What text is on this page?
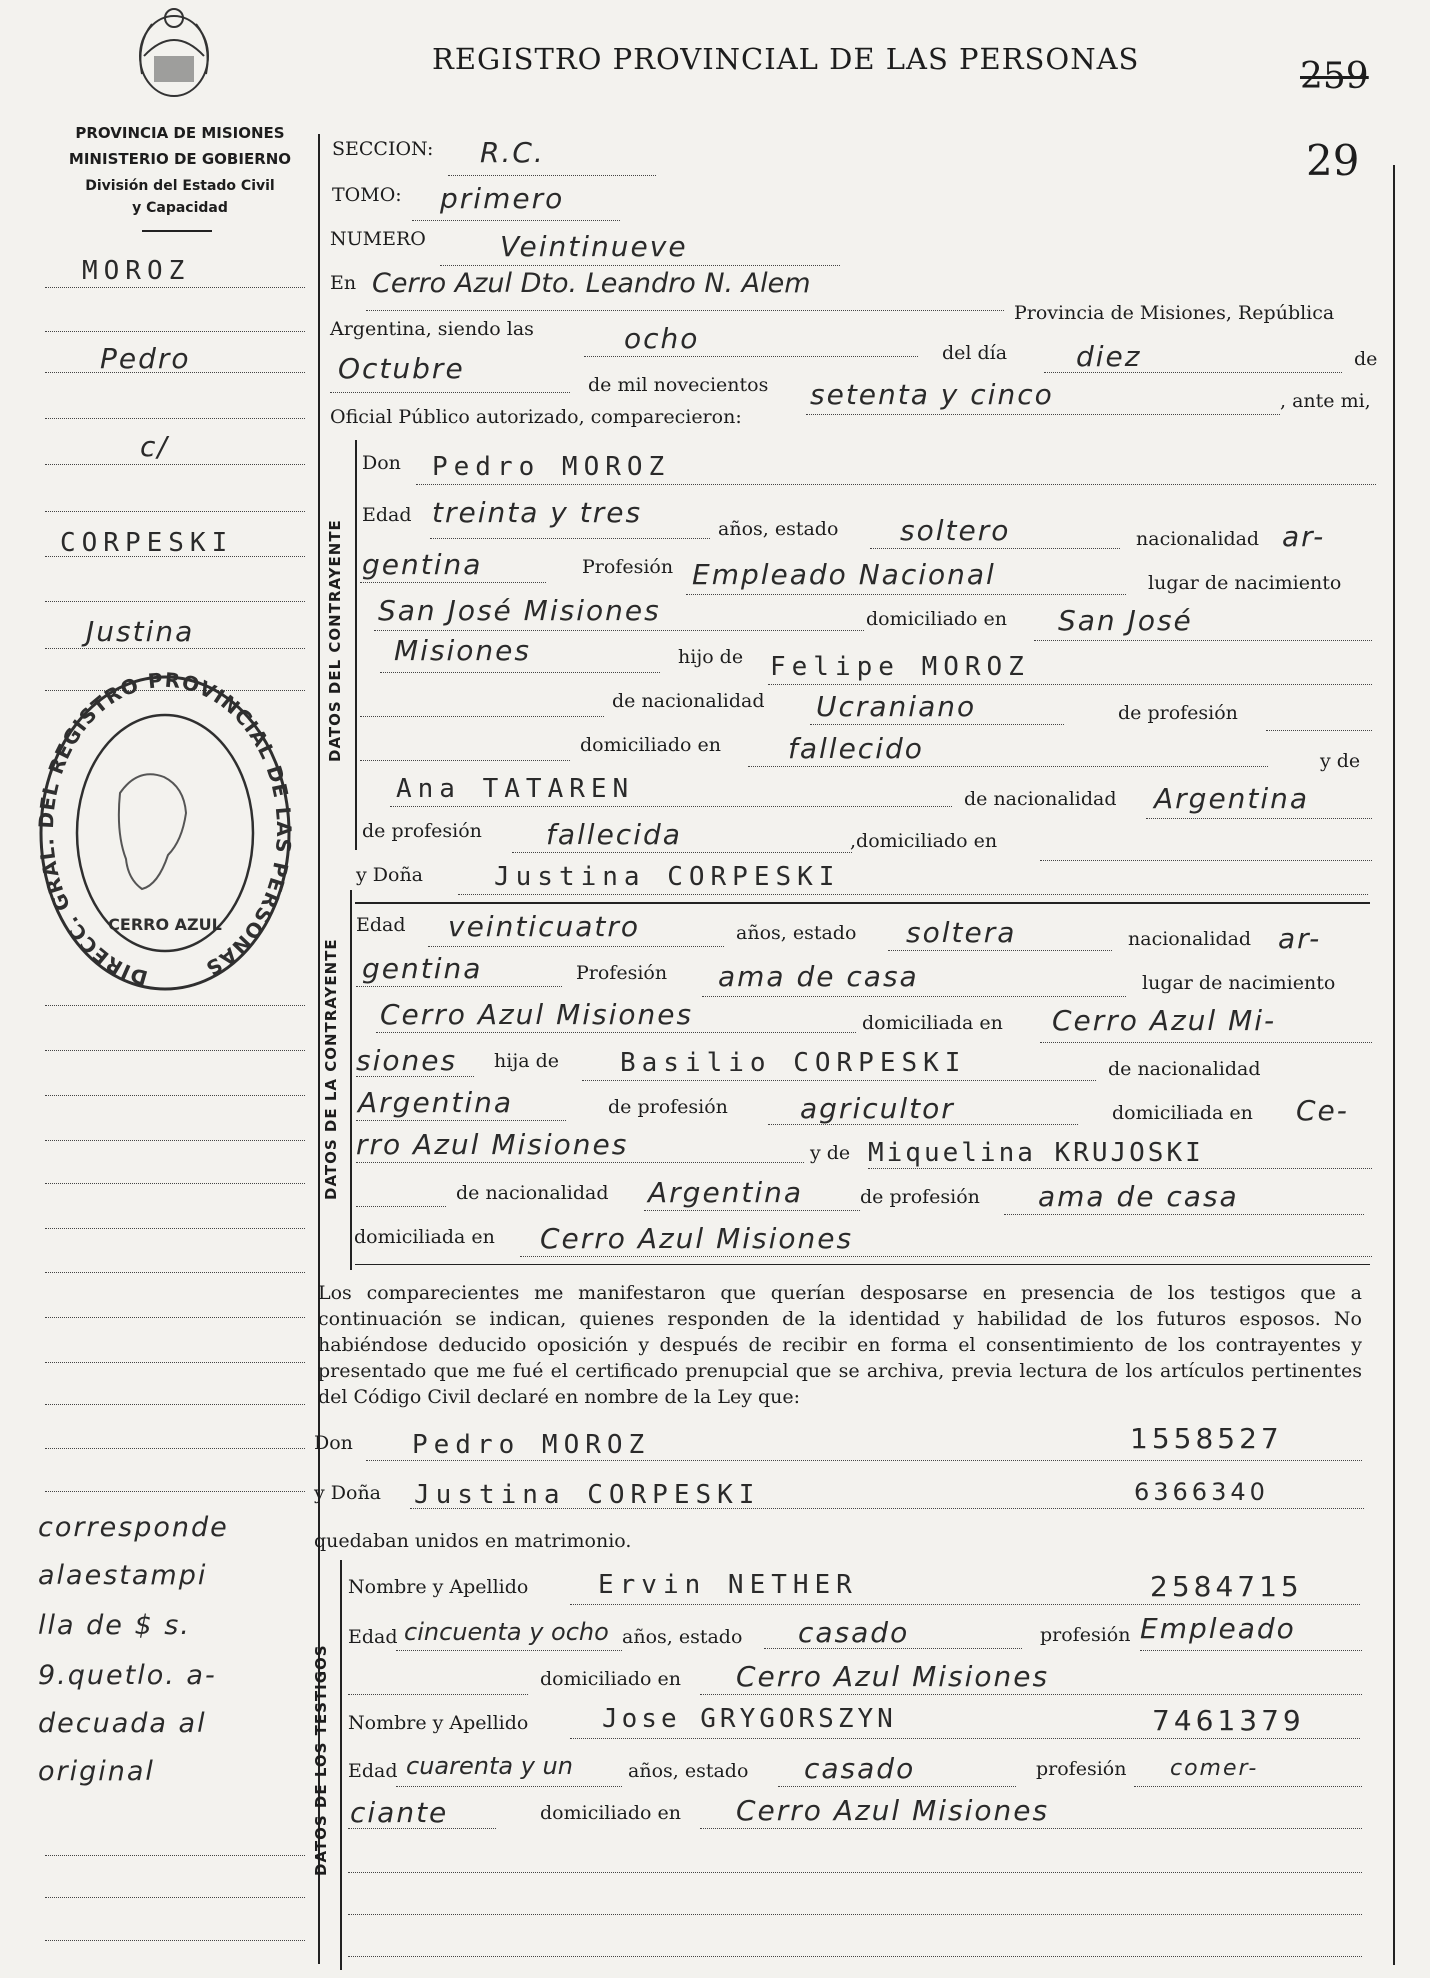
REGISTRO PROVINCIAL DE LAS PERSONAS	259
29
PROVINCIA DE MISIONES
MINISTERIO DE GOBIERNO
División del Estado Civil
y Capacidad
MOROZ
Pedro
c/
CORPESKI
Justina
corresponde
alaestampi
lla de $ s.
9.quetlo. a-
decuada al
original
DIRECC. GRAL. DEL REGISTRO PROVINCIAL DE LAS PERSONAS
CERRO AZUL
SECCION: R.C.
TOMO: primero
NUMERO	Veintinueve
En Cerro Azul Dto. Leandro N. Alem
Provincia de Misiones, República
Argentina, siendo las	ocho	del día diez	de
Octubre	de mil novecientos setenta y cinco	, ante mi,
Oficial Público autorizado, comparecieron:
DATOS DEL CONTRAYENTE
Don Pedro MOROZ
Edad treinta y tres	años, estado soltero	nacionalidad ar-
gentina	Profesión Empleado Nacional	lugar de nacimiento
San José Misiones	domiciliado en San José
Misiones	hijo de Felipe MOROZ
de nacionalidad Ucraniano	de profesión
domiciliado en fallecido	y de
Ana TATAREN	de nacionalidad Argentina
de profesión fallecida	,domiciliado en
DATOS DE LA CONTRAYENTE
y Doña	Justina CORPESKI
Edad veinticuatro	años, estado soltera	nacionalidad ar-
gentina	Profesión ama de casa	lugar de nacimiento
Cerro Azul Misiones	domiciliada en Cerro Azul Mi-
siones hija de Basilio CORPESKI	de nacionalidad
Argentina	de profesión	agricultor	domiciliada en Ce-
rro Azul Misiones	y de Miquelina KRUJOSKI
de nacionalidad Argentina	de profesión ama de casa
domiciliada en Cerro Azul Misiones
Los comparecientes me manifestaron que querían desposarse en presencia de los testigos que a continuación se indican, quienes responden de la identidad y habilidad de los futuros esposos. No habiéndose deducido oposición y después de recibir en forma el consentimiento de los contrayentes y presentado que me fué el certificado prenupcial que se archiva, previa lectura de los artículos pertinentes del Código Civil declaré en nombre de la Ley que:
Don Pedro MOROZ	1558527
y Doña Justina CORPESKI	6366340
quedaban unidos en matrimonio.
DATOS DE LOS TESTIGOS
Nombre y Apellido	Ervin NETHER	2584715
Edad cincuenta y ocho años, estado casado	profesión Empleado
domiciliado en Cerro Azul Misiones
Nombre y Apellido	Jose GRYGORSZYN	7461379
Edad cuarenta y un	años, estado casado	profesión comer-
ciante	domiciliado en Cerro Azul Misiones
